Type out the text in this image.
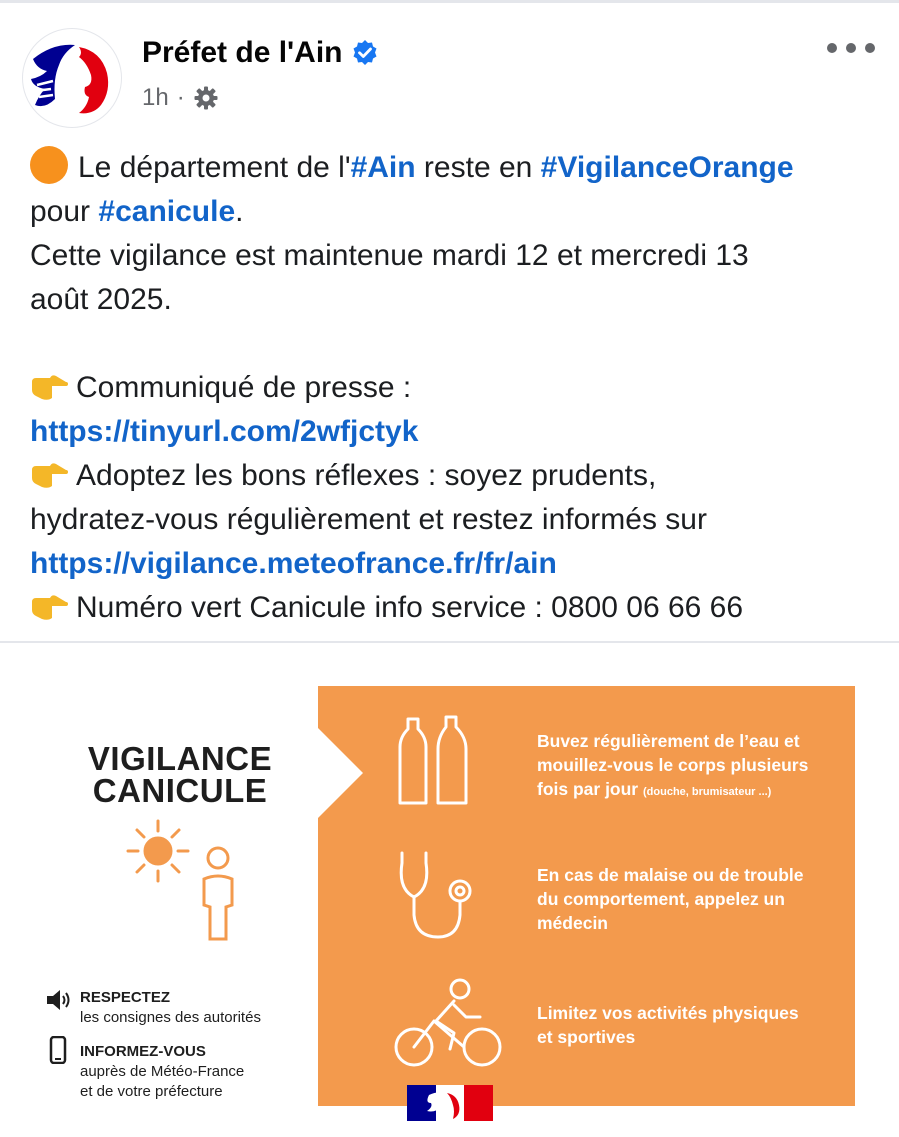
Préfet de l'Ain
1h ·

Le département de l'#Ain reste en #VigilanceOrange

pour #canicule.

Cette vigilance est maintenue mardi 12 et mercredi 13

août 2025.

Communiqué de presse :

https://tinyurl.com/2wfjctyk

Adoptez les bons réflexes : soyez prudents,

hydratez-vous régulièrement et restez informés sur

https://vigilance.meteofrance.fr/fr/ain

Numéro vert Canicule info service : 0800 06 66 66

VIGILANCE
CANICULE
RESPECTEZ
les consignes des autorités
INFORMEZ-VOUS
auprès de Météo-France
et de votre préfecture
Buvez régulièrement de l’eau et
mouillez-vous le corps plusieurs
fois par jour (douche, brumisateur ...)
En cas de malaise ou de trouble
du comportement, appelez un
médecin
Limitez vos activités physiques
et sportives
